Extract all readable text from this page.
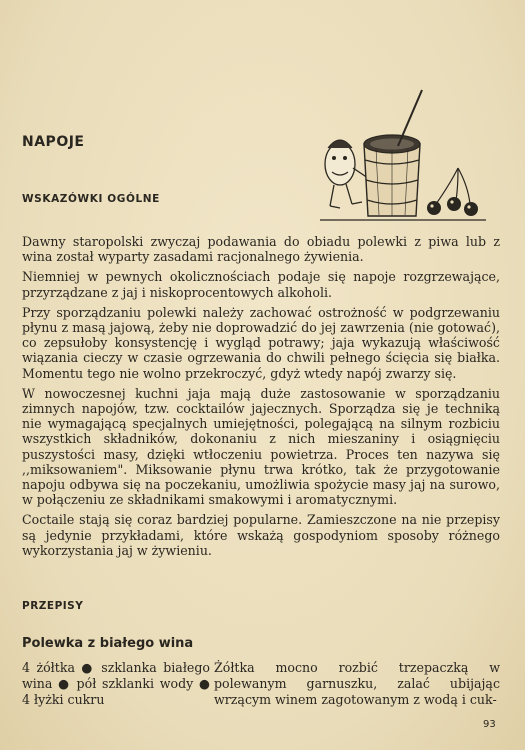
NAPOJE
WSKAZÓWKI OGÓLNE

Dawny staropolski zwyczaj podawania do obiadu polewki z piwa lub z wina został wyparty zasadami racjonalnego żywienia.

Niemniej w pewnych okolicznościach podaje się napoje rozgrzewające, przyrządzane z jaj i niskoprocentowych alkoholi.

Przy sporządzaniu polewki należy zachować ostrożność w podgrzewaniu płynu z masą jajową, żeby nie doprowadzić do jej zawrzenia (nie gotować), co zepsułoby konsystencję i wygląd potrawy; jaja wykazują właściwość wiązania cieczy w czasie ogrzewania do chwili pełnego ścięcia się białka. Momentu tego nie wolno przekroczyć, gdyż wtedy napój zwarzy się.

W nowoczesnej kuchni jaja mają duże zastosowanie w sporządzaniu zimnych napojów, tzw. cocktailów jajecznych. Sporządza się je techniką nie wymagającą specjalnych umiejętności, polegającą na silnym rozbiciu wszystkich składników, dokonaniu z nich mieszaniny i osiągnięciu puszystości masy, dzięki wtłoczeniu powietrza. Proces ten nazywa się ,,miksowaniem". Miksowanie płynu trwa krótko, tak że przygotowanie napoju odbywa się na poczekaniu, umożliwia spożycie masy jaj na surowo, w połączeniu ze składnikami smakowymi i aromatycznymi.

Coctaile stają się coraz bardziej popularne. Zamieszczone na nie przepisy są jedynie przykładami, które wskażą gospodyniom sposoby różnego wykorzystania jaj w żywieniu.

PRZEPISY
Polewka z białego wina
4 żółtka ● szklanka białego wina ● pół szklanki wody ● 4 łyżki cukru
Żółtka mocno rozbić trzepaczką w polewanym garnuszku, zalać ubijając wrzącym winem zagotowanym z wodą i cuk-
93
